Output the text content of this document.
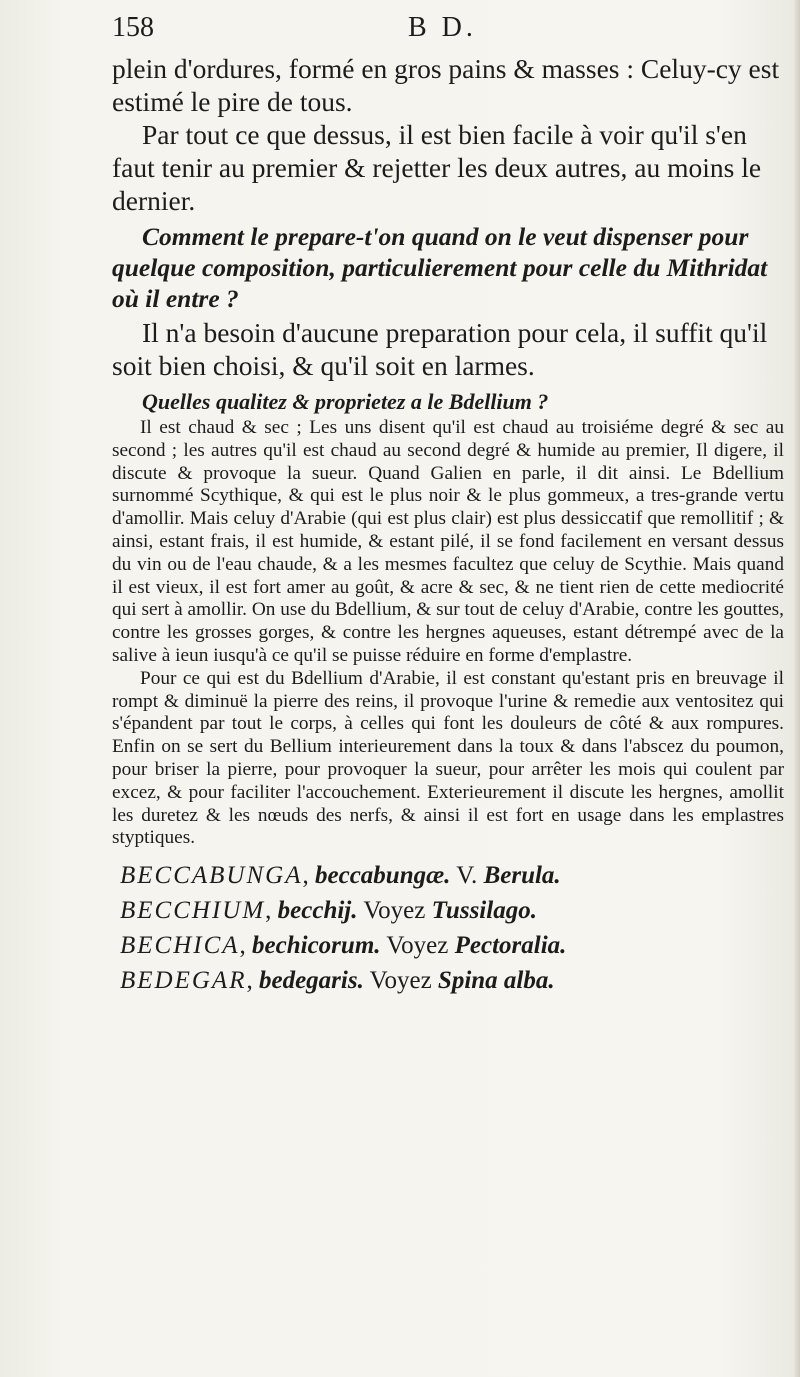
158	B D.

plein d'ordures, formé en gros pains & masses : Celuy-cy est estimé le pire de tous.

Par tout ce que dessus, il est bien facile à voir qu'il s'en faut tenir au premier & rejetter les deux autres, au moins le dernier.

Comment le prepare-t'on quand on le veut dispenser pour quelque composition, particulierement pour celle du Mithridat où il entre ?

Il n'a besoin d'aucune preparation pour cela, il suffit qu'il soit bien choisi, & qu'il soit en larmes.

Quelles qualitez & proprietez a le Bdellium ?

Il est chaud & sec ; Les uns disent qu'il est chaud au troisiéme degré & sec au second ; les autres qu'il est chaud au second degré & humide au premier, Il digere, il discute & provoque la sueur. Quand Galien en parle, il dit ainsi. Le Bdellium surnommé Scythique, & qui est le plus noir & le plus gommeux, a tres-grande vertu d'amollir. Mais celuy d'Arabie (qui est plus clair) est plus dessiccatif que remollitif ; & ainsi, estant frais, il est humide, & estant pilé, il se fond facilement en versant dessus du vin ou de l'eau chaude, & a les mesmes facultez que celuy de Scythie. Mais quand il est vieux, il est fort amer au goût, & acre & sec, & ne tient rien de cette mediocrité qui sert à amollir. On use du Bdellium, & sur tout de celuy d'Arabie, contre les gouttes, contre les grosses gorges, & contre les hergnes aqueuses, estant détrempé avec de la salive à ieun iusqu'à ce qu'il se puisse réduire en forme d'emplastre.

Pour ce qui est du Bdellium d'Arabie, il est constant qu'estant pris en breuvage il rompt & diminuë la pierre des reins, il provoque l'urine & remedie aux ventositez qui s'épandent par tout le corps, à celles qui font les douleurs de côté & aux rompures. Enfin on se sert du Bellium interieurement dans la toux & dans l'abscez du poumon, pour briser la pierre, pour provoquer la sueur, pour arrêter les mois qui coulent par excez, & pour faciliter l'accouchement. Exterieurement il discute les hergnes, amollit les duretez & les nœuds des nerfs, & ainsi il est fort en usage dans les emplastres styptiques.

BECCABUNGA, beccabungæ. V. Berula.

BECCHIUM, becchij. Voyez Tussilago.

BECHICA, bechicorum. Voyez Pectoralia.

BEDEGAR, bedegaris. Voyez Spina alba.
